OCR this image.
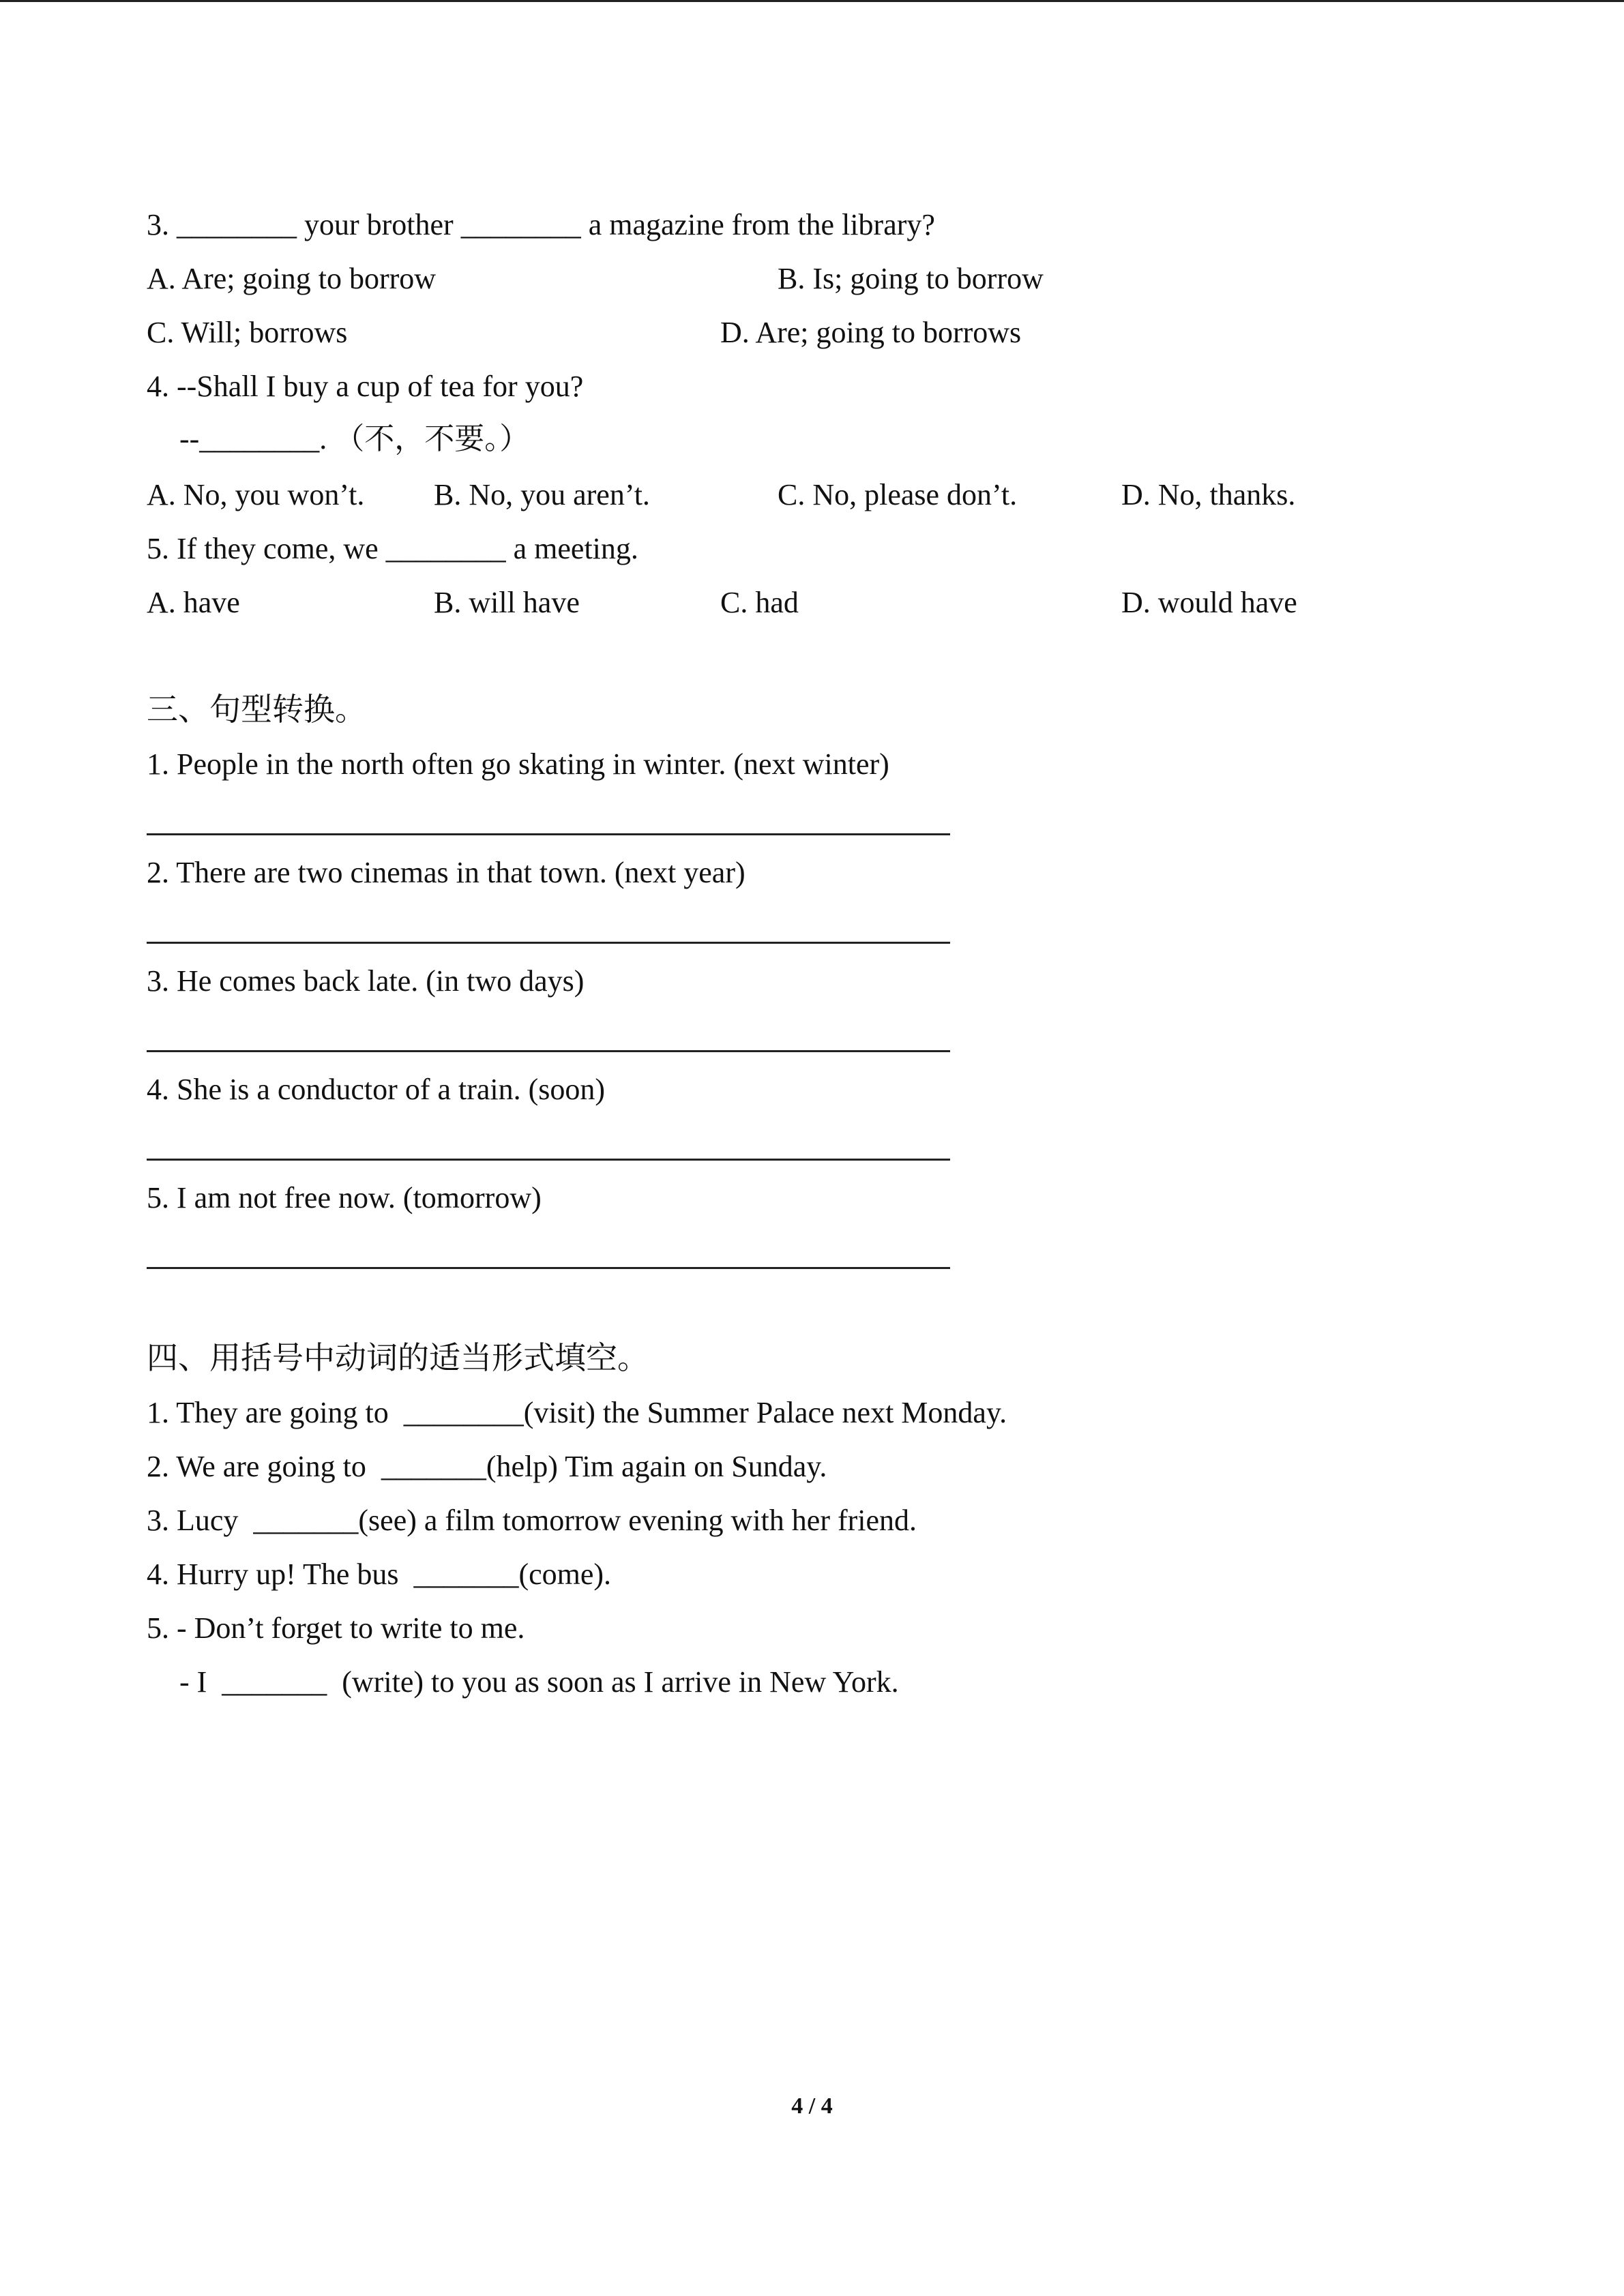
3. ________ your brother ________ a magazine from the library?
A. Are; going to borrow	B. Is; going to borrow
C. Will; borrows	D. Are; going to borrows
4. --Shall I buy a cup of tea for you?
--________. （不，不要。）
A. No, you won’t. B. No, you aren’t.	C. No, please don’t.	D. No, thanks.
5. If they come, we ________ a meeting.
A. have	B. will have	C. had	D. would have
三、句型转换。
1. People in the north often go skating in winter. (next winter)
2. There are two cinemas in that town. (next year)
3. He comes back late. (in two days)
4. She is a conductor of a train. (soon)
5. I am not free now. (tomorrow)
四、用括号中动词的适当形式填空。
1. They are going to  ________(visit) the Summer Palace next Monday.
2. We are going to  _______(help) Tim again on Sunday.
3. Lucy  _______(see) a film tomorrow evening with her friend.
4. Hurry up! The bus  _______(come).
5. - Don’t forget to write to me.
- I  _______  (write) to you as soon as I arrive in New York.
4 / 4
